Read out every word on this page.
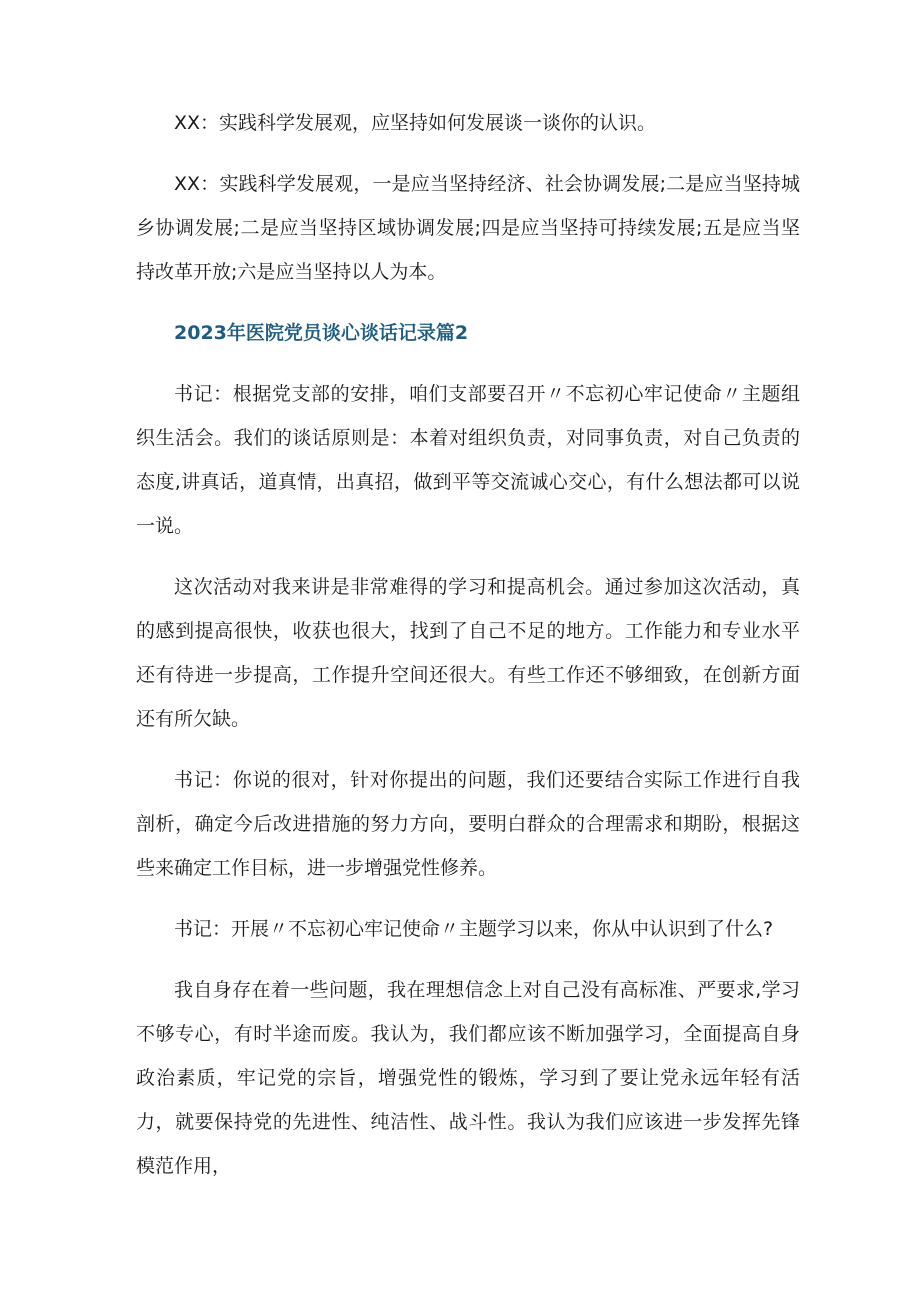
XX：实践科学发展观，应坚持如何发展谈一谈你的认识。

XX：实践科学发展观，一是应当坚持经济、社会协调发展;二是应当坚持城乡协调发展;二是应当坚持区域协调发展;四是应当坚持可持续发展;五是应当坚持改革开放;六是应当坚持以人为本。

2023年医院党员谈心谈话记录篇2

书记：根据党支部的安排，咱们支部要召开〃不忘初心牢记使命〃主题组织生活会。我们的谈话原则是：本着对组织负责，对同事负责，对自己负责的态度,讲真话，道真情，出真招，做到平等交流诚心交心，有什么想法都可以说一说。

这次活动对我来讲是非常难得的学习和提高机会。通过参加这次活动，真的感到提高很快，收获也很大，找到了自己不足的地方。工作能力和专业水平还有待进一步提高，工作提升空间还很大。有些工作还不够细致，在创新方面还有所欠缺。

书记：你说的很对，针对你提出的问题，我们还要结合实际工作进行自我剖析，确定今后改进措施的努力方向，要明白群众的合理需求和期盼，根据这些来确定工作目标，进一步增强党性修养。

书记：开展〃不忘初心牢记使命〃主题学习以来，你从中认识到了什么?

我自身存在着一些问题，我在理想信念上对自己没有高标准、严要求,学习不够专心，有时半途而废。我认为，我们都应该不断加强学习，全面提高自身政治素质，牢记党的宗旨，增强党性的锻炼，学习到了要让党永远年轻有活力，就要保持党的先进性、纯洁性、战斗性。我认为我们应该进一步发挥先锋模范作用，
